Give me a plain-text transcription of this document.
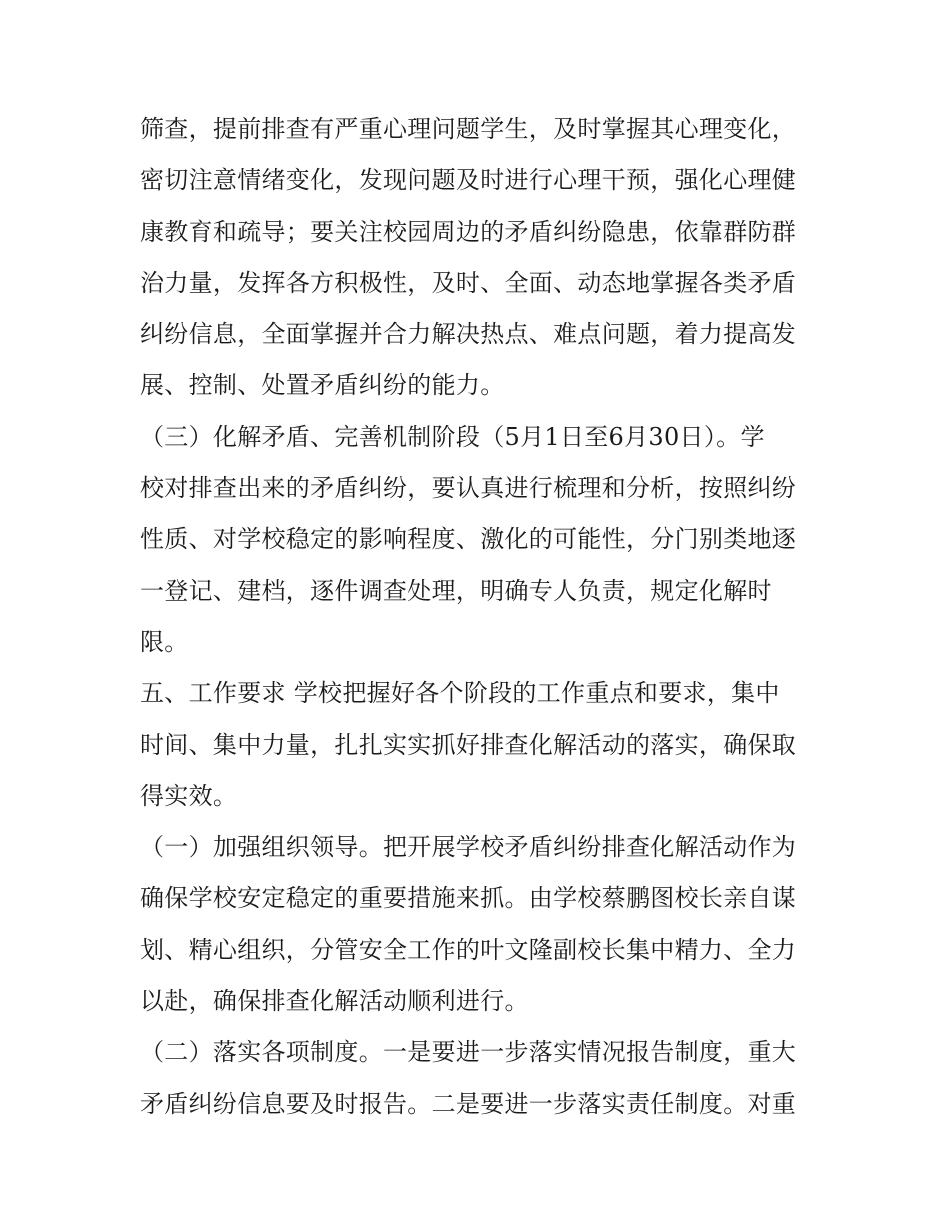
筛查，提前排查有严重心理问题学生，及时掌握其心理变化，
密切注意情绪变化，发现问题及时进行心理干预，强化心理健
康教育和疏导；要关注校园周边的矛盾纠纷隐患，依靠群防群
治力量，发挥各方积极性，及时、全面、动态地掌握各类矛盾
纠纷信息，全面掌握并合力解决热点、难点问题，着力提高发
展、控制、处置矛盾纠纷的能力。
（三）化解矛盾、完善机制阶段（5月1日至6月30日）。学
校对排查出来的矛盾纠纷，要认真进行梳理和分析，按照纠纷
性质、对学校稳定的影响程度、激化的可能性，分门别类地逐
一登记、建档，逐件调查处理，明确专人负责，规定化解时
限。
五、工作要求 学校把握好各个阶段的工作重点和要求，集中
时间、集中力量，扎扎实实抓好排查化解活动的落实，确保取
得实效。
（一）加强组织领导。把开展学校矛盾纠纷排查化解活动作为
确保学校安定稳定的重要措施来抓。由学校蔡鹏图校长亲自谋
划、精心组织，分管安全工作的叶文隆副校长集中精力、全力
以赴，确保排查化解活动顺利进行。
（二）落实各项制度。一是要进一步落实情况报告制度，重大
矛盾纠纷信息要及时报告。二是要进一步落实责任制度。对重
